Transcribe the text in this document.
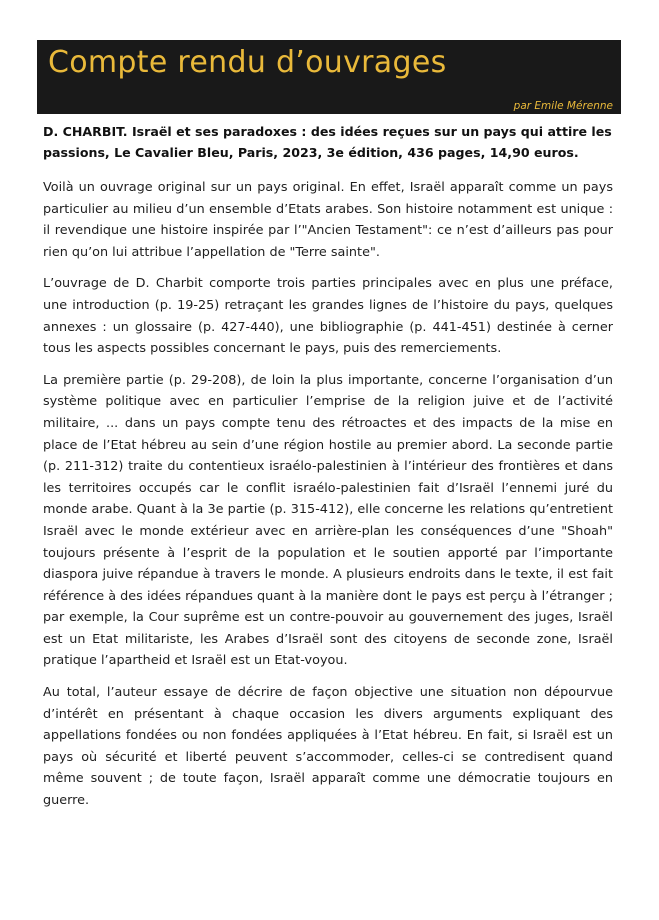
Compte rendu d’ouvrages
par Emile Mérenne

D. CHARBIT. Israël et ses paradoxes : des idées reçues sur un pays qui attire les passions, Le Cavalier Bleu, Paris, 2023, 3e édition, 436 pages, 14,90 euros.

Voilà un ouvrage original sur un pays original. En effet, Israël apparaît comme un pays particulier au milieu d’un ensemble d’Etats arabes. Son histoire notamment est unique : il revendique une histoire inspirée par l’"Ancien Testament": ce n’est d’ailleurs pas pour rien qu’on lui attribue l’appellation de "Terre sainte".

L’ouvrage de D. Charbit comporte trois parties principales avec en plus une préface, une introduction (p. 19-25) retraçant les grandes lignes de l’histoire du pays, quelques annexes : un glossaire (p. 427-440), une bibliographie (p. 441-451) destinée à cerner tous les aspects possibles concernant le pays, puis des remerciements.

La première partie (p. 29-208), de loin la plus importante, concerne l’organisation d’un système politique avec en particulier l’emprise de la religion juive et de l’activité militaire, ... dans un pays compte tenu des rétroactes et des impacts de la mise en place de l’Etat hébreu au sein d’une région hostile au premier abord. La seconde partie (p. 211-312) traite du contentieux israélo-palestinien à l’intérieur des frontières et dans les territoires occupés car le conflit israélo-palestinien fait d’Israël l’ennemi juré du monde arabe. Quant à la 3e partie (p. 315-412), elle concerne les relations qu’entretient Israël avec le monde extérieur avec en arrière-plan les conséquences d’une "Shoah" toujours présente à l’esprit de la population et le soutien apporté par l’importante diaspora juive répandue à travers le monde. A plusieurs endroits dans le texte, il est fait référence à des idées répandues quant à la manière dont le pays est perçu à l’étranger ; par exemple, la Cour suprême est un contre-pouvoir au gouvernement des juges, Israël est un Etat militariste, les Arabes d’Israël sont des citoyens de seconde zone, Israël pratique l’apartheid et Israël est un Etat-voyou.

Au total, l’auteur essaye de décrire de façon objective une situation non dépourvue d’intérêt en présentant à chaque occasion les divers arguments expliquant des appellations fondées ou non fondées appliquées à l’Etat hébreu. En fait, si Israël est un pays où sécurité et liberté peuvent s’accommoder, celles-ci se contredisent quand même souvent ; de toute façon, Israël apparaît comme une démocratie toujours en guerre.
